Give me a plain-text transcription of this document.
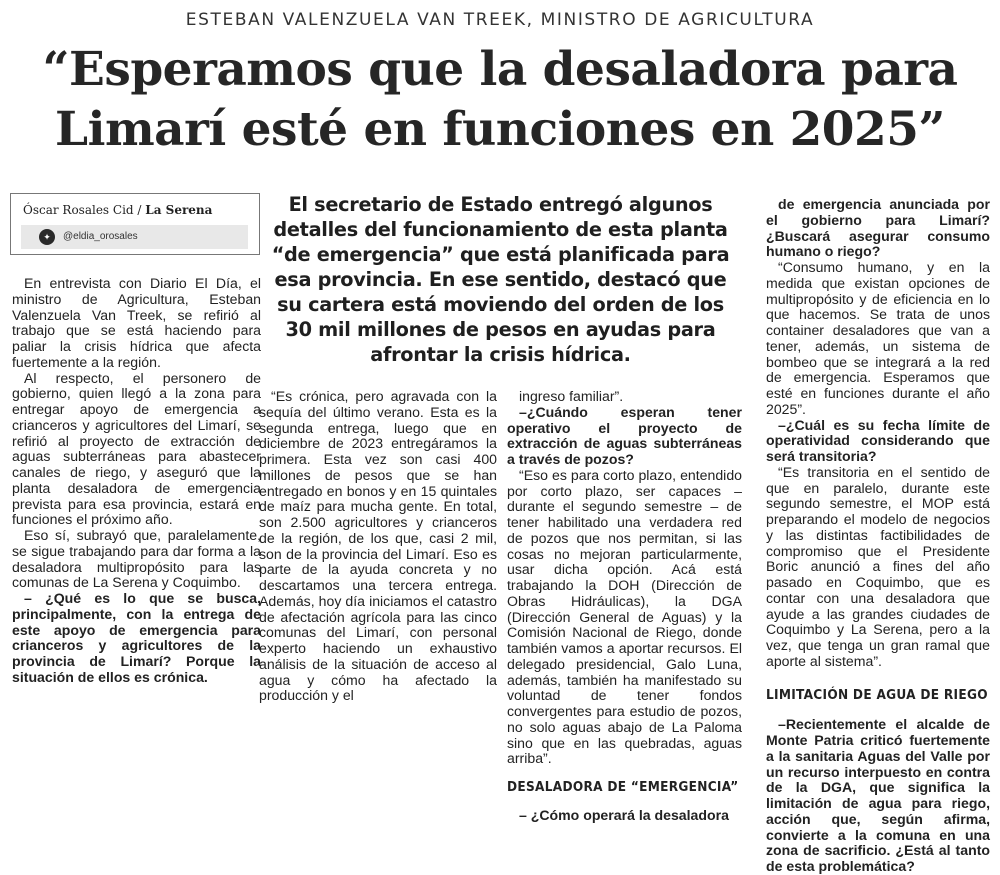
ESTEBAN VALENZUELA VAN TREEK, MINISTRO DE AGRICULTURA
“Esperamos que la desaladora para
Limarí esté en funciones en 2025”
Óscar Rosales Cid / La Serena
✦	@eldia_orosales
El secretario de Estado entregó algunos detalles del funcionamiento de esta planta “de emergencia” que está planificada para esa provincia. En ese sentido, destacó que su cartera está moviendo del orden de los 30 mil millones de pesos en ayudas para afrontar la crisis hídrica.

En entrevista con Diario El Día, el ministro de Agricultura, Esteban Valenzuela Van Treek, se refirió al trabajo que se está haciendo para paliar la crisis hídrica que afecta fuertemente a la región.

Al respecto, el personero de gobierno, quien llegó a la zona para entregar apoyo de emergencia a crianceros y agricultores del Limarí, se refirió al proyecto de extracción de aguas subterráneas para abastecer canales de riego, y aseguró que la planta desaladora de emergencia prevista para esa provincia, estará en funciones el próximo año.

Eso sí, subrayó que, paralelamente, se sigue trabajando para dar forma a la desaladora multipropósito para las comunas de La Serena y Coquimbo.

– ¿Qué es lo que se busca, principalmente, con la entrega de este apoyo de emergencia para crianceros y agricultores de la provincia de Limarí? Porque la situación de ellos es crónica.

“Es crónica, pero agravada con la sequía del último verano. Esta es la segunda entrega, luego que en diciembre de 2023 entregáramos la primera. Esta vez son casi 400 millones de pesos que se han entregado en bonos y en 15 quintales de maíz para mucha gente. En total, son 2.500 agricultores y crianceros de la región, de los que, casi 2 mil, son de la provincia del Limarí. Eso es parte de la ayuda concreta y no descartamos una tercera entrega. Además, hoy día iniciamos el catastro de afectación agrícola para las cinco comunas del Limarí, con personal experto haciendo un exhaustivo análisis de la situación de acceso al agua y cómo ha afectado la producción y el

ingreso familiar”.

–¿Cuándo esperan tener operativo el proyecto de extracción de aguas subterráneas a través de pozos?

“Eso es para corto plazo, entendido por corto plazo, ser capaces – durante el segundo semestre – de tener habilitado una verdadera red de pozos que nos permitan, si las cosas no mejoran particularmente, usar dicha opción. Acá está trabajando la DOH (Dirección de Obras Hidráulicas), la DGA (Dirección General de Aguas) y la Comisión Nacional de Riego, donde también vamos a aportar recursos. El delegado presidencial, Galo Luna, además, también ha manifestado su voluntad de tener fondos convergentes para estudio de pozos, no solo aguas abajo de La Paloma sino que en las quebradas, aguas arriba”.

DESALADORA DE “EMERGENCIA”

– ¿Cómo operará la desaladora

de emergencia anunciada por el gobierno para Limarí? ¿Buscará asegurar consumo humano o riego?

“Consumo humano, y en la medida que existan opciones de multipropósito y de eficiencia en lo que hacemos. Se trata de unos container desaladores que van a tener, además, un sistema de bombeo que se integrará a la red de emergencia. Esperamos que esté en funciones durante el año 2025”.

–¿Cuál es su fecha límite de operatividad considerando que será transitoria?

“Es transitoria en el sentido de que en paralelo, durante este segundo semestre, el MOP está preparando el modelo de negocios y las distintas factibilidades de compromiso que el Presidente Boric anunció a fines del año pasado en Coquimbo, que es contar con una desaladora que ayude a las grandes ciudades de Coquimbo y La Serena, pero a la vez, que tenga un gran ramal que aporte al sistema”.

LIMITACIÓN DE AGUA DE RIEGO

–Recientemente el alcalde de Monte Patria criticó fuertemente a la sanitaria Aguas del Valle por un recurso interpuesto en contra de la DGA, que significa la limitación de agua para riego, acción que, según afirma, convierte a la comuna en una zona de sacrificio. ¿Está al tanto de esta problemática?
